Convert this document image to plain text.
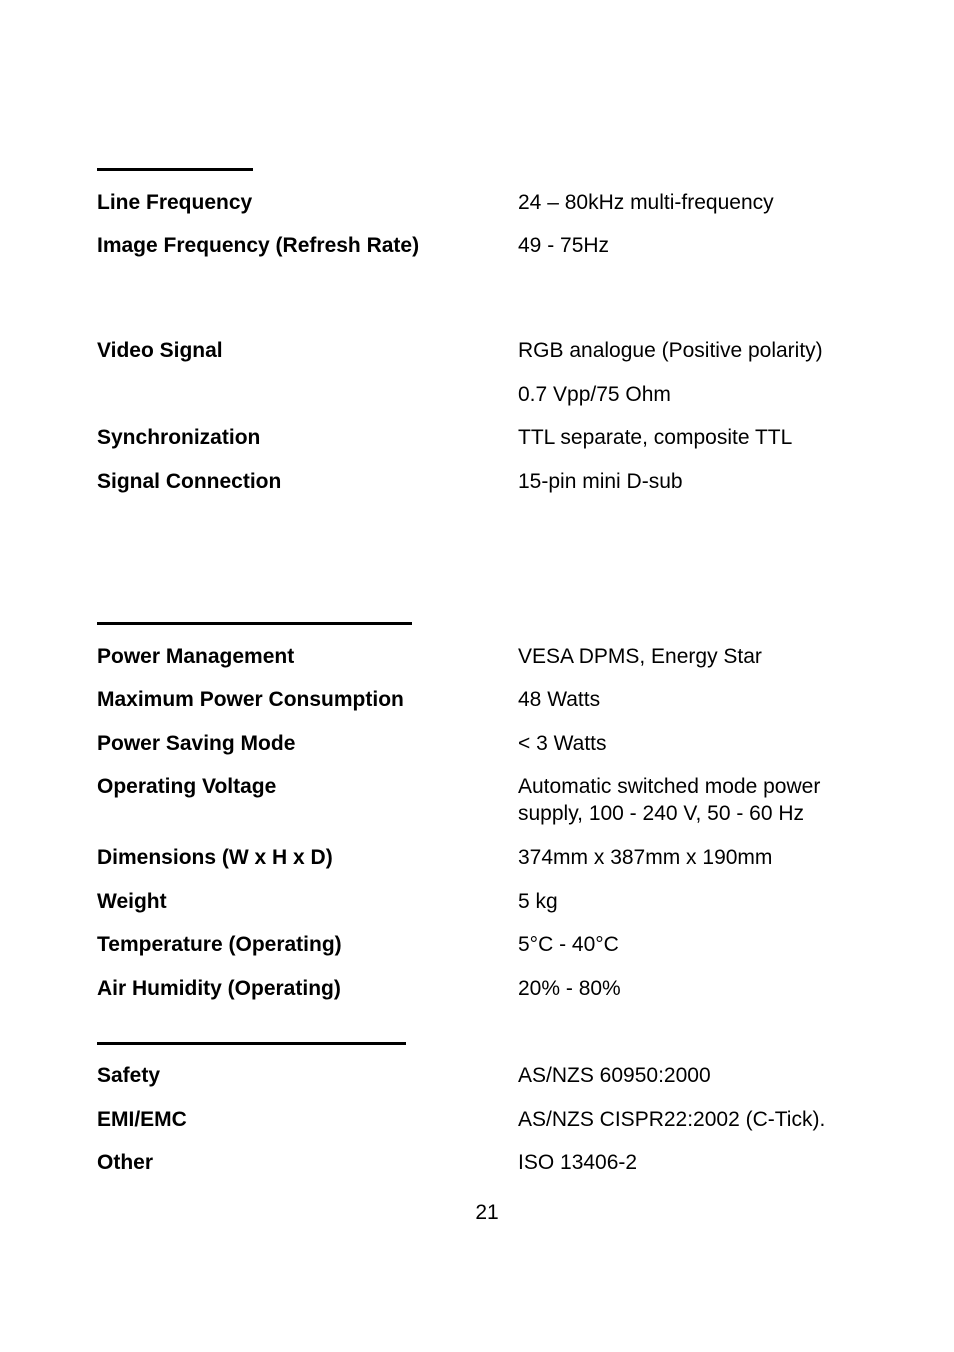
Line Frequency	24 – 80kHz multi-frequency
Image Frequency (Refresh Rate)	49 - 75Hz
Video Signal	RGB analogue (Positive polarity)
0.7 Vpp/75 Ohm
Synchronization	TTL separate, composite TTL
Signal Connection	15-pin mini D-sub
Power Management	VESA DPMS, Energy Star
Maximum Power Consumption	48 Watts
Power Saving Mode	< 3 Watts
Operating Voltage	Automatic switched mode power supply, 100 - 240 V, 50 - 60 Hz
Dimensions (W x H x D)	374mm x 387mm x 190mm
Weight	5 kg
Temperature (Operating)	5°C - 40°C
Air Humidity (Operating)	20% - 80%
Safety	AS/NZS 60950:2000
EMI/EMC	AS/NZS CISPR22:2002 (C-Tick).
Other	ISO 13406-2
21
